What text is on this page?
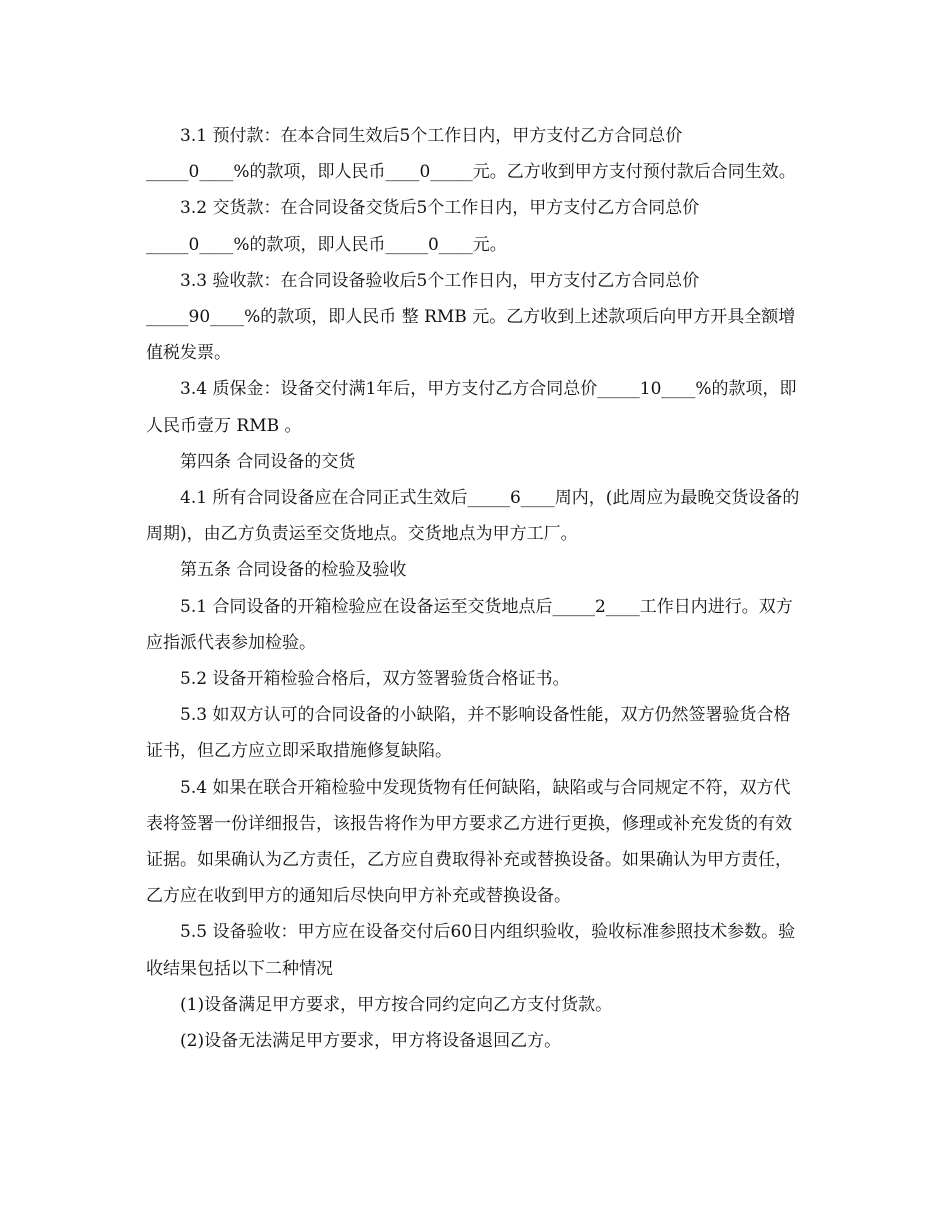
3.1 预付款：在本合同生效后5个工作日内，甲方支付乙方合同总价
_____0____%的款项，即人民币____0_____元。乙方收到甲方支付预付款后合同生效。

3.2 交货款：在合同设备交货后5个工作日内，甲方支付乙方合同总价
_____0____%的款项，即人民币_____0____元。

3.3 验收款：在合同设备验收后5个工作日内，甲方支付乙方合同总价
_____90____%的款项，即人民币 整 RMB 元。乙方收到上述款项后向甲方开具全额增值税发票。

3.4 质保金：设备交付满1年后，甲方支付乙方合同总价_____10____%的款项，即人民币壹万 RMB 。

第四条 合同设备的交货

4.1 所有合同设备应在合同正式生效后_____6____周内，(此周应为最晚交货设备的周期)，由乙方负责运至交货地点。交货地点为甲方工厂。

第五条 合同设备的检验及验收

5.1 合同设备的开箱检验应在设备运至交货地点后_____2____工作日内进行。双方应指派代表参加检验。

5.2 设备开箱检验合格后，双方签署验货合格证书。

5.3 如双方认可的合同设备的小缺陷，并不影响设备性能，双方仍然签署验货合格证书，但乙方应立即采取措施修复缺陷。

5.4 如果在联合开箱检验中发现货物有任何缺陷，缺陷或与合同规定不符，双方代表将签署一份详细报告，该报告将作为甲方要求乙方进行更换，修理或补充发货的有效证据。如果确认为乙方责任，乙方应自费取得补充或替换设备。如果确认为甲方责任，乙方应在收到甲方的通知后尽快向甲方补充或替换设备。

5.5 设备验收：甲方应在设备交付后60日内组织验收，验收标准参照技术参数。验收结果包括以下二种情况

(1)设备满足甲方要求，甲方按合同约定向乙方支付货款。

(2)设备无法满足甲方要求，甲方将设备退回乙方。
